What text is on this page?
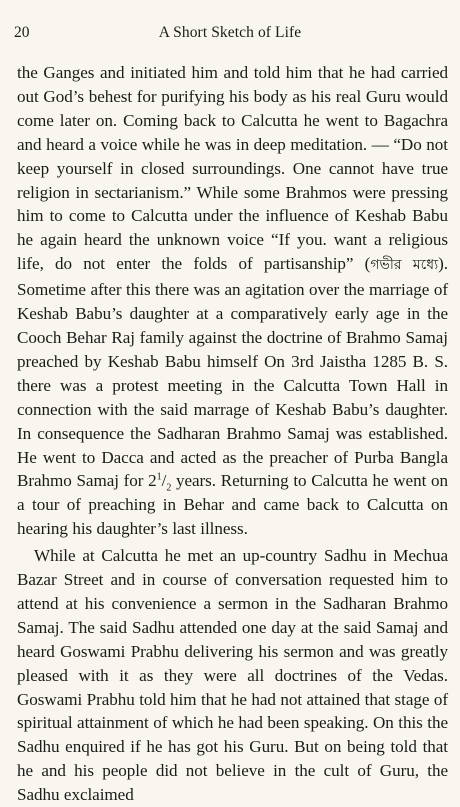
20	A Short Sketch of Life

the Ganges and initiated him and told him that he had carried out God’s behest for purifying his body as his real Guru would come later on. Coming back to Calcutta he went to Bagachra and heard a voice while he was in deep meditation. — “Do not keep yourself in closed surroundings. One cannot have true religion in sectarianism.” While some Brahmos were pressing him to come to Calcutta under the influence of Keshab Babu he again heard the unknown voice “If you. want a religious life, do not enter the folds of partisanship” (গভীর মধ্যে). Sometime after this there was an agitation over the marriage of Keshab Babu’s daughter at a comparatively early age in the Cooch Behar Raj family against the doctrine of Brahmo Samaj preached by Keshab Babu himself On 3rd Jaistha 1285 B. S. there was a protest meeting in the Calcutta Town Hall in connection with the said marrage of Keshab Babu’s daughter. In consequence the Sadharan Brahmo Samaj was established. He went to Dacca and acted as the preacher of Purba Bangla Brahmo Samaj for $2^1/_2$ years. Returning to Calcutta he went on a tour of preaching in Behar and came back to Calcutta on hearing his daughter’s last illness.

While at Calcutta he met an up-country Sadhu in Mechua Bazar Street and in course of conversation requested him to attend at his convenience a sermon in the Sadharan Brahmo Samaj. The said Sadhu attended one day at the said Samaj and heard Goswami Prabhu delivering his sermon and was greatly pleased with it as they were all doctrines of the Vedas. Goswami Prabhu told him that he had not attained that stage of spiritual attainment of which he had been speaking. On this the Sadhu enquired if he has got his Guru. But on being told that he and his people did not believe in the cult of Guru, the Sadhu exclaimed
